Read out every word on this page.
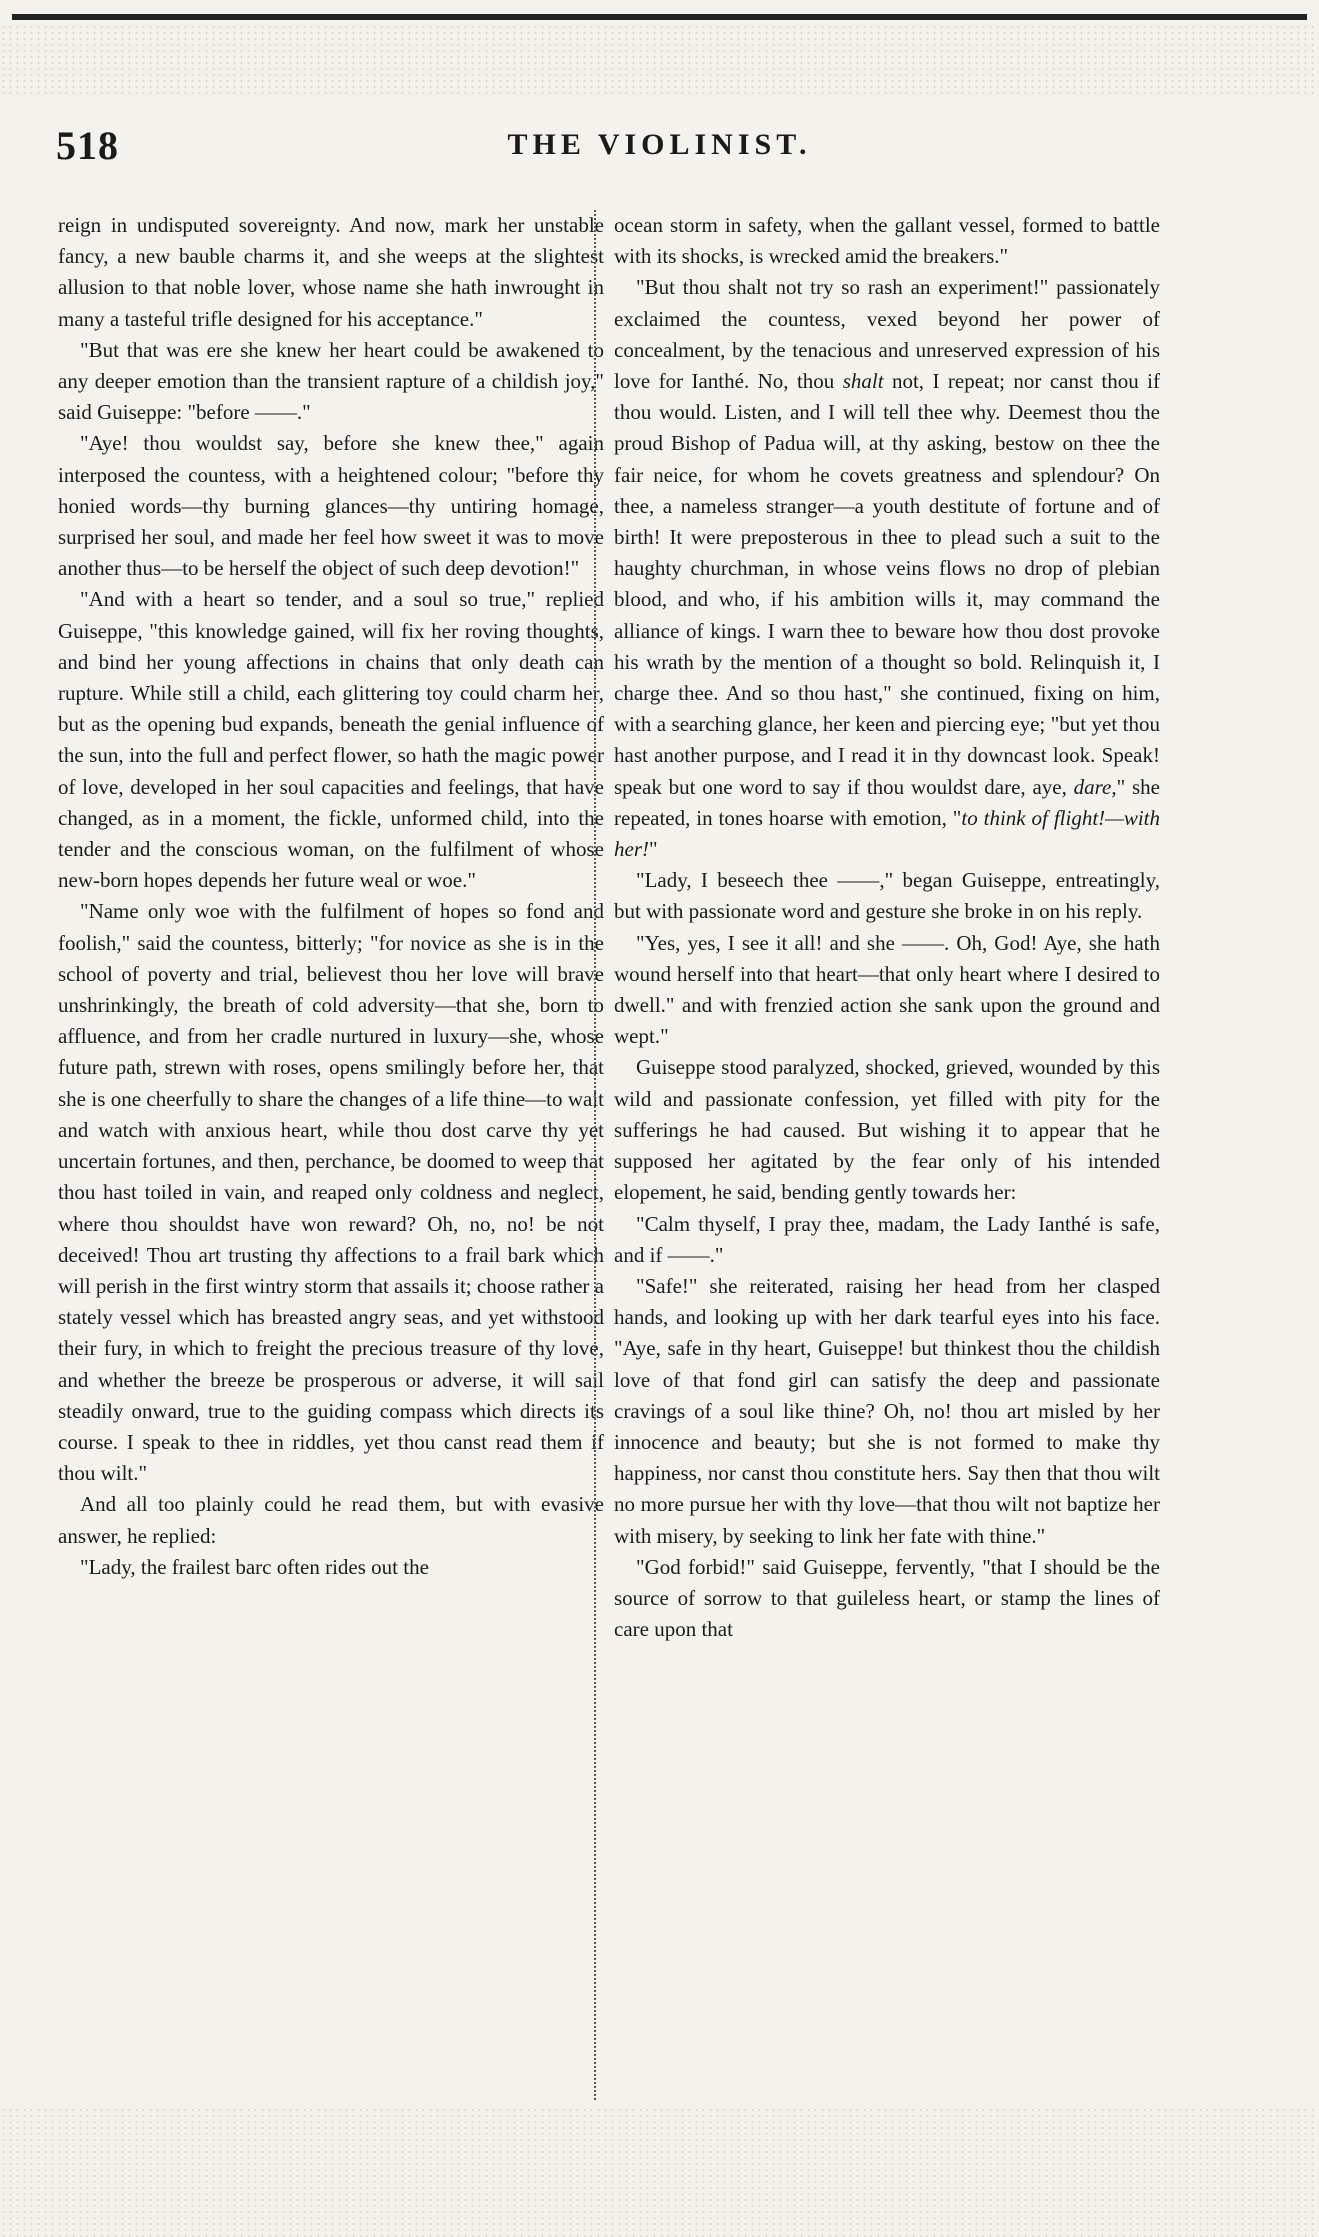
518	THE VIOLINIST.

reign in undisputed sovereignty. And now, mark her unstable fancy, a new bauble charms it, and she weeps at the slightest allusion to that noble lover, whose name she hath inwrought in many a tasteful trifle designed for his acceptance."

"But that was ere she knew her heart could be awakened to any deeper emotion than the transient rapture of a childish joy," said Guiseppe: "before ——."

"Aye! thou wouldst say, before she knew thee," again interposed the countess, with a heightened colour; "before thy honied words—thy burning glances—thy untiring homage, surprised her soul, and made her feel how sweet it was to move another thus—to be herself the object of such deep devotion!"

"And with a heart so tender, and a soul so true," replied Guiseppe, "this knowledge gained, will fix her roving thoughts, and bind her young affections in chains that only death can rupture. While still a child, each glittering toy could charm her, but as the opening bud expands, beneath the genial influence of the sun, into the full and perfect flower, so hath the magic power of love, developed in her soul capacities and feelings, that have changed, as in a moment, the fickle, unformed child, into the tender and the conscious woman, on the fulfilment of whose new-born hopes depends her future weal or woe."

"Name only woe with the fulfilment of hopes so fond and foolish," said the countess, bitterly; "for novice as she is in the school of poverty and trial, believest thou her love will brave unshrinkingly, the breath of cold adversity—that she, born to affluence, and from her cradle nurtured in luxury—she, whose future path, strewn with roses, opens smilingly before her, that she is one cheerfully to share the changes of a life thine—to wait and watch with anxious heart, while thou dost carve thy yet uncertain fortunes, and then, perchance, be doomed to weep that thou hast toiled in vain, and reaped only coldness and neglect, where thou shouldst have won reward? Oh, no, no! be not deceived! Thou art trusting thy affections to a frail bark which will perish in the first wintry storm that assails it; choose rather a stately vessel which has breasted angry seas, and yet withstood their fury, in which to freight the precious treasure of thy love, and whether the breeze be prosperous or adverse, it will sail steadily onward, true to the guiding compass which directs its course. I speak to thee in riddles, yet thou canst read them if thou wilt."

And all too plainly could he read them, but with evasive answer, he replied:

"Lady, the frailest barc often rides out the

ocean storm in safety, when the gallant vessel, formed to battle with its shocks, is wrecked amid the breakers."

"But thou shalt not try so rash an experiment!" passionately exclaimed the countess, vexed beyond her power of concealment, by the tenacious and unreserved expression of his love for Ianthé. No, thou shalt not, I repeat; nor canst thou if thou would. Listen, and I will tell thee why. Deemest thou the proud Bishop of Padua will, at thy asking, bestow on thee the fair neice, for whom he covets greatness and splendour? On thee, a nameless stranger—a youth destitute of fortune and of birth! It were preposterous in thee to plead such a suit to the haughty churchman, in whose veins flows no drop of plebian blood, and who, if his ambition wills it, may command the alliance of kings. I warn thee to beware how thou dost provoke his wrath by the mention of a thought so bold. Relinquish it, I charge thee. And so thou hast," she continued, fixing on him, with a searching glance, her keen and piercing eye; "but yet thou hast another purpose, and I read it in thy downcast look. Speak! speak but one word to say if thou wouldst dare, aye, dare," she repeated, in tones hoarse with emotion, "to think of flight!—with her!"

"Lady, I beseech thee ——," began Guiseppe, entreatingly, but with passionate word and gesture she broke in on his reply.

"Yes, yes, I see it all! and she ——. Oh, God! Aye, she hath wound herself into that heart—that only heart where I desired to dwell." and with frenzied action she sank upon the ground and wept."

Guiseppe stood paralyzed, shocked, grieved, wounded by this wild and passionate confession, yet filled with pity for the sufferings he had caused. But wishing it to appear that he supposed her agitated by the fear only of his intended elopement, he said, bending gently towards her:

"Calm thyself, I pray thee, madam, the Lady Ianthé is safe, and if ——."

"Safe!" she reiterated, raising her head from her clasped hands, and looking up with her dark tearful eyes into his face. "Aye, safe in thy heart, Guiseppe! but thinkest thou the childish love of that fond girl can satisfy the deep and passionate cravings of a soul like thine? Oh, no! thou art misled by her innocence and beauty; but she is not formed to make thy happiness, nor canst thou constitute hers. Say then that thou wilt no more pursue her with thy love—that thou wilt not baptize her with misery, by seeking to link her fate with thine."

"God forbid!" said Guiseppe, fervently, "that I should be the source of sorrow to that guileless heart, or stamp the lines of care upon that
